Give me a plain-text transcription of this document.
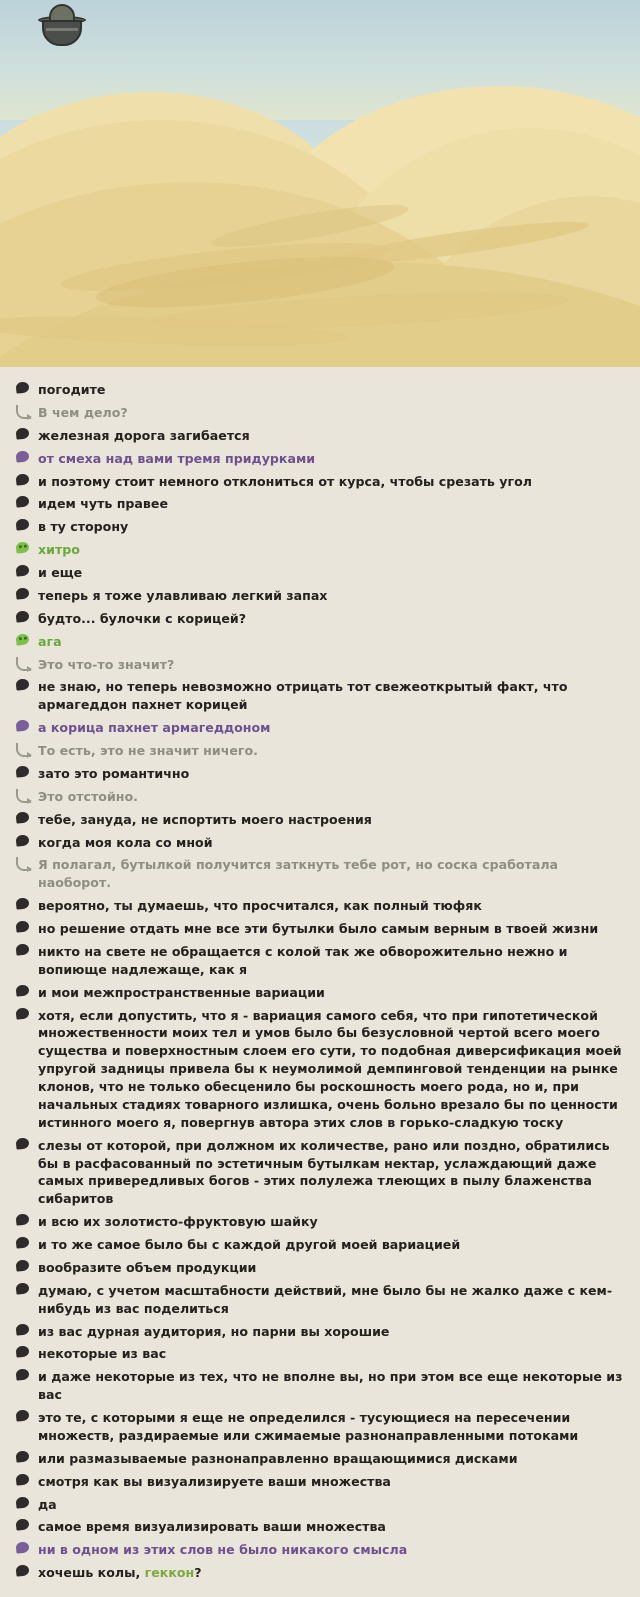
погодите
В чем дело?
железная дорога загибается
от смеха над вами тремя придурками
и поэтому стоит немного отклониться от курса, чтобы срезать угол
идем чуть правее
в ту сторону
хитро
и еще
теперь я тоже улавливаю легкий запах
будто... булочки с корицей?
ага
Это что-то значит?
не знаю, но теперь невозможно отрицать тот свежеоткрытый факт, что армагеддон пахнет корицей
а корица пахнет армагеддоном
То есть, это не значит ничего.
зато это романтично
Это отстойно.
тебе, зануда, не испортить моего настроения
когда моя кола со мной
Я полагал, бутылкой получится заткнуть тебе рот, но соска сработала наоборот.
вероятно, ты думаешь, что просчитался, как полный тюфяк
но решение отдать мне все эти бутылки было самым верным в твоей жизни
никто на свете не обращается с колой так же обворожительно нежно и вопиюще надлежаще, как я
и мои межпространственные вариации
хотя, если допустить, что я - вариация самого себя, что при гипотетической множественности моих тел и умов было бы безусловной чертой всего моего существа и поверхностным слоем его сути, то подобная диверсификация моей упругой задницы привела бы к неумолимой демпинговой тенденции на рынке клонов, что не только обесценило бы роскошность моего рода, но и, при начальных стадиях товарного излишка, очень больно врезало бы по ценности истинного моего я, повергнув автора этих слов в горько-сладкую тоску
слезы от которой, при должном их количестве, рано или поздно, обратились бы в расфасованный по эстетичным бутылкам нектар, услаждающий даже самых привередливых богов - этих полулежа тлеющих в пылу блаженства сибаритов
и всю их золотисто-фруктовую шайку
и то же самое было бы с каждой другой моей вариацией
вообразите объем продукции
думаю, с учетом масштабности действий, мне было бы не жалко даже с кем-нибудь из вас поделиться
из вас дурная аудитория, но парни вы хорошие
некоторые из вас
и даже некоторые из тех, что не вполне вы, но при этом все еще некоторые из вас
это те, с которыми я еще не определился - тусующиеся на пересечении множеств, раздираемые или сжимаемые разнонаправленными потоками
или размазываемые разнонаправленно вращающимися дисками
смотря как вы визуализируете ваши множества
да
самое время визуализировать ваши множества
ни в одном из этих слов не было никакого смысла
хочешь колы, геккон?
